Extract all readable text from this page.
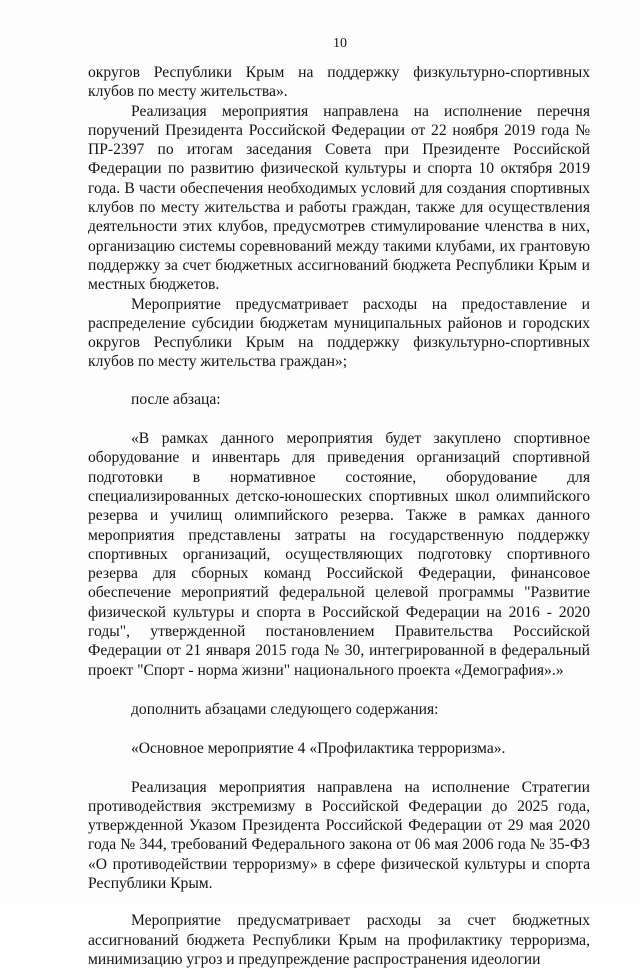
10

округов Республики Крым на поддержку физкультурно-спортивных клубов по месту жительства».

Реализация мероприятия направлена на исполнение перечня поручений Президента Российской Федерации от 22 ноября 2019 года № ПР-2397 по итогам заседания Совета при Президенте Российской Федерации по развитию физической культуры и спорта 10 октября 2019 года. В части обеспечения необходимых условий для создания спортивных клубов по месту жительства и работы граждан, также для осуществления деятельности этих клубов, предусмотрев стимулирование членства в них, организацию системы соревнований между такими клубами, их грантовую поддержку за счет бюджетных ассигнований бюджета Республики Крым и местных бюджетов.

Мероприятие предусматривает расходы на предоставление и распределение субсидии бюджетам муниципальных районов и городских округов Республики Крым на поддержку физкультурно-спортивных клубов по месту жительства граждан»;

после абзаца:

«В рамках данного мероприятия будет закуплено спортивное оборудование и инвентарь для приведения организаций спортивной подготовки в нормативное состояние, оборудование для специализированных детско-юношеских спортивных школ олимпийского резерва и училищ олимпийского резерва. Также в рамках данного мероприятия представлены затраты на государственную поддержку спортивных организаций, осуществляющих подготовку спортивного резерва для сборных команд Российской Федерации, финансовое обеспечение мероприятий федеральной целевой программы "Развитие физической культуры и спорта в Российской Федерации на 2016 - 2020 годы", утвержденной постановлением Правительства Российской Федерации от 21 января 2015 года № 30, интегрированной в федеральный проект "Спорт - норма жизни" национального проекта «Демография».»

дополнить абзацами следующего содержания:

«Основное мероприятие 4 «Профилактика терроризма».

Реализация мероприятия направлена на исполнение Стратегии противодействия экстремизму в Российской Федерации до 2025 года, утвержденной Указом Президента Российской Федерации от 29 мая 2020 года № 344, требований Федерального закона от 06 мая 2006 года № 35-ФЗ «О противодействии терроризму» в сфере физической культуры и спорта Республики Крым.

Мероприятие предусматривает расходы за счет бюджетных ассигнований бюджета Республики Крым на профилактику терроризма, минимизацию угроз и предупреждение распространения идеологии
